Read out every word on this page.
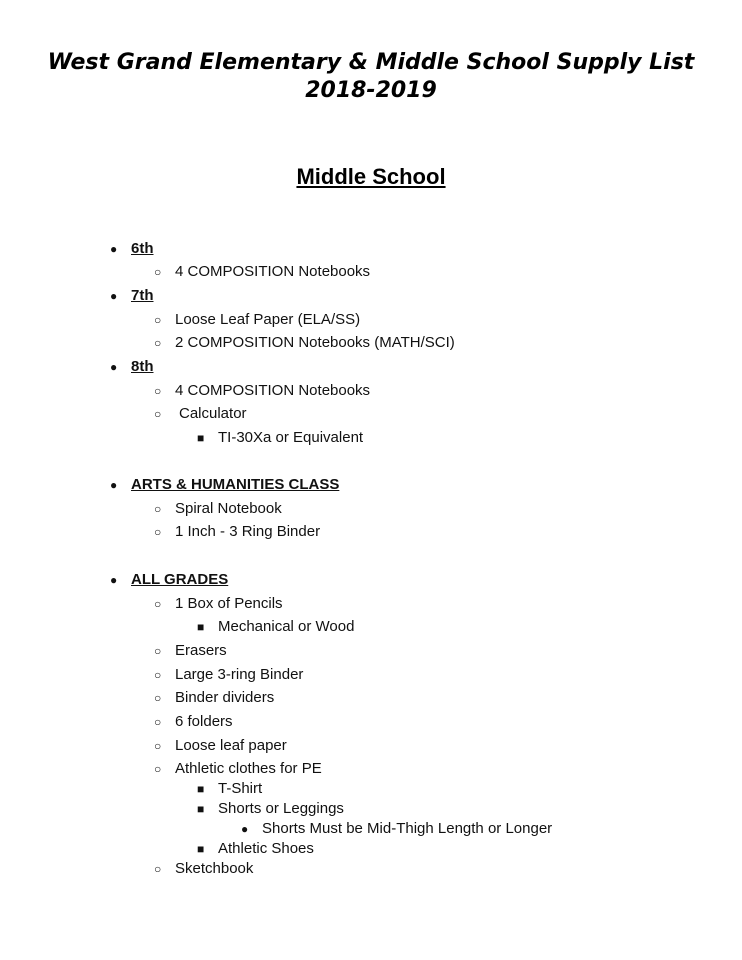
West Grand Elementary & Middle School Supply List
2018-2019
Middle School
● 6th
○ 4 COMPOSITION Notebooks
● 7th
○ Loose Leaf Paper (ELA/SS)
○ 2 COMPOSITION Notebooks (MATH/SCI)
● 8th
○ 4 COMPOSITION Notebooks
○ Calculator
■ TI-30Xa or Equivalent
● ARTS & HUMANITIES CLASS
○ Spiral Notebook
○ 1 Inch - 3 Ring Binder
● ALL GRADES
○ 1 Box of Pencils
■ Mechanical or Wood
○ Erasers
○ Large 3-ring Binder
○ Binder dividers
○ 6 folders
○ Loose leaf paper
○ Athletic clothes for PE
■ T-Shirt
■ Shorts or Leggings
● Shorts Must be Mid-Thigh Length or Longer
■ Athletic Shoes
○ Sketchbook
